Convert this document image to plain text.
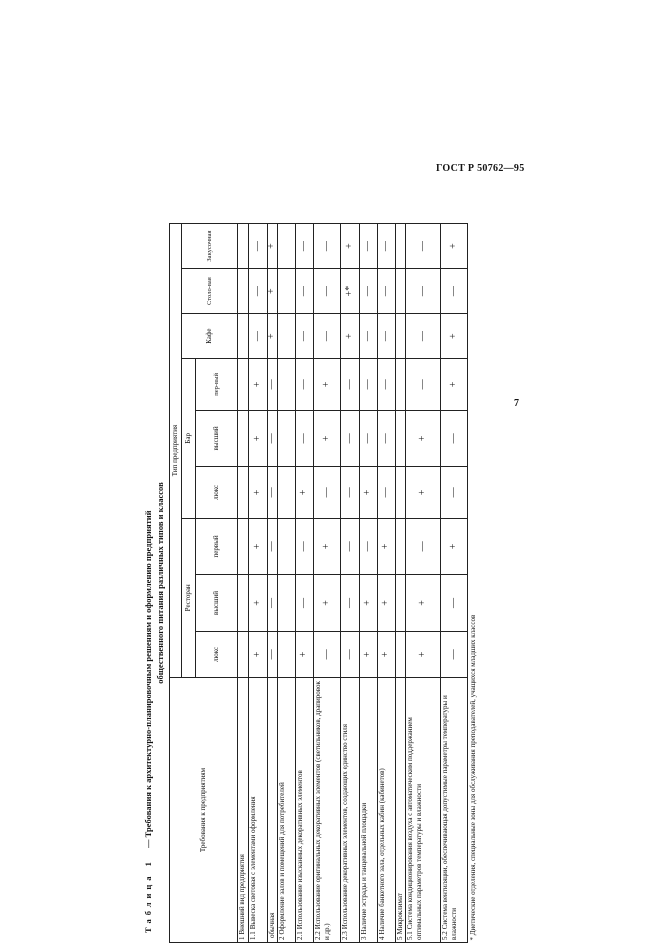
ГОСТ Р 50762—95
7
Таблица 1 — Требования к архитектурно-планировочным решениям и оформлению предприятий общественного питания различных типов и классов
Требования к предприятиям	Тип предприятия								
	Ресторан			Бар			Кафе	Столо-вая	Закусочная
	люкс	высший	первый	люкс	высший	пер-вый			
1Внешний вид предприятия									
1.1Вывеска световая с элементами оформления	+	+	+	+	+	+	—	—	—
обычная	—	—	—	—	—	—	+	+	+
2Оформление залов и помещений для потребителей									
2.1Использование изысканных декоративных элементов	+	—	—	+	—	—	—	—	—
2.2Использование оригинальных декоративных элементов (светильников, драпировок и др.)	—	+	+	—	+	+	—	—	—
2.3Использование декоративных элементов, создающих единство стиля	—	—	—	—	—	—	+	+*	+
3Наличие эстрады и танцевальной площадки	+	+	—	+	—	—	—	—	—
4Наличие банкетного зала, отдельных кабин (кабинетов)	+	+	+	—	—	—	—	—	—
5Микроклимат									
5.1Система кондиционирования воздуха с автоматическим поддержанием оптимальных параметров температуры и влажности	+	+	—	+	+	—	—	—	—
5.2Система вентиляции, обеспечивающая допустимые параметры температуры и влажности	—	—	+	—	—	+	+	—	+
* Диетические отделения, специальные зоны для обслуживания преподавателей, учащихся младших классов									
